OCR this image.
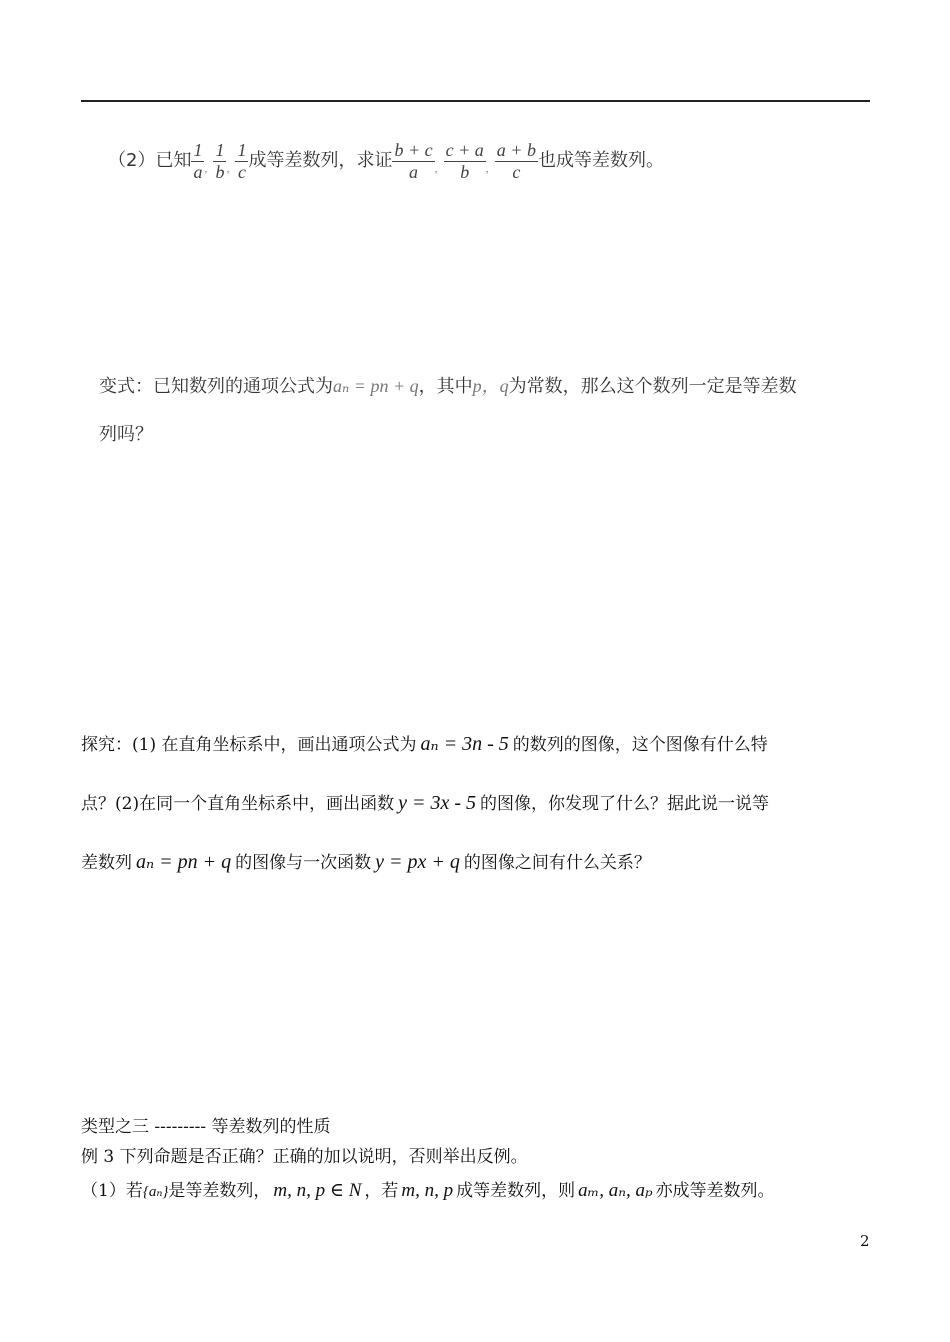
（2）已知 $\frac{1}{a} _, \frac{1}{b} _, \frac{1}{c}$ 成等差数列，求证 $\frac{b + c}{a} _, \frac{c + a}{b} _, \frac{a + b}{c}$ 也成等差数列。
变式：已知数列的通项公式为aₙ = pn + q，其中p，q为常数，那么这个数列一定是等差数
列吗？
探究：(1) 在直角坐标系中，画出通项公式为 aₙ = 3n - 5 的数列的图像，这个图像有什么特
点？(2)在同一个直角坐标系中，画出函数 y = 3x - 5 的图像，你发现了什么？据此说一说等
差数列 aₙ = pn + q 的图像与一次函数 y = px + q 的图像之间有什么关系？
类型之三 --------- 等差数列的性质
例 3 下列命题是否正确？正确的加以说明，否则举出反例。
（1）若{aₙ}是等差数列， m, n, p ∈ N ，若 m, n, p 成等差数列，则 aₘ, aₙ, aₚ 亦成等差数列。
2
